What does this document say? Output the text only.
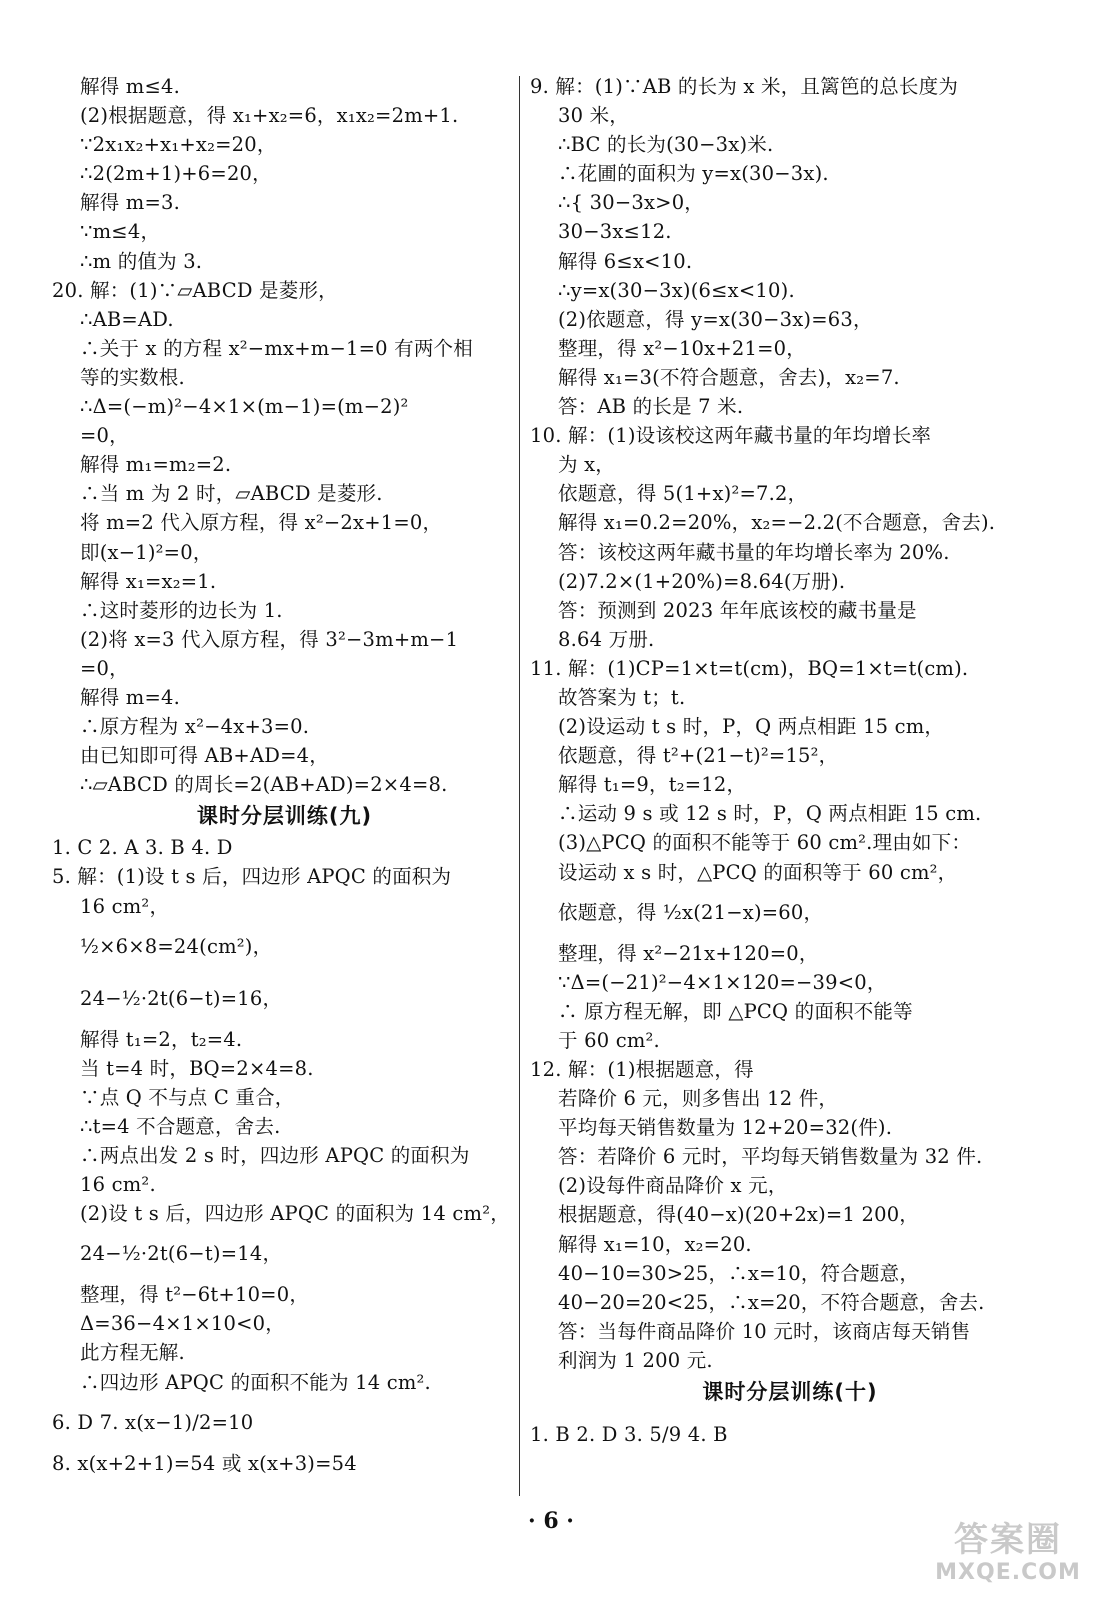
解得 m≤4.
(2)根据题意，得 x₁+x₂=6，x₁x₂=2m+1.
∵2x₁x₂+x₁+x₂=20，
∴2(2m+1)+6=20，
解得 m=3.
∵m≤4，
∴m 的值为 3.
20. 解：(1)∵▱ABCD 是菱形，
∴AB=AD.
∴关于 x 的方程 x²−mx+m−1=0 有两个相
等的实数根.
∴Δ=(−m)²−4×1×(m−1)=(m−2)²
=0，
解得 m₁=m₂=2.
∴当 m 为 2 时，▱ABCD 是菱形.
将 m=2 代入原方程，得 x²−2x+1=0，
即(x−1)²=0，
解得 x₁=x₂=1.
∴这时菱形的边长为 1.
(2)将 x=3 代入原方程，得 3²−3m+m−1
=0，
解得 m=4.
∴原方程为 x²−4x+3=0.
由已知即可得 AB+AD=4，
∴▱ABCD 的周长=2(AB+AD)=2×4=8.
课时分层训练(九)
1. C 2. A 3. B 4. D
5. 解：(1)设 t s 后，四边形 APQC 的面积为
16 cm²，
½×6×8=24(cm²)，
24−½·2t(6−t)=16，
解得 t₁=2，t₂=4.
当 t=4 时，BQ=2×4=8.
∵点 Q 不与点 C 重合，
∴t=4 不合题意，舍去.
∴两点出发 2 s 时，四边形 APQC 的面积为
16 cm².
(2)设 t s 后，四边形 APQC 的面积为 14 cm²，
24−½·2t(6−t)=14，
整理，得 t²−6t+10=0，
Δ=36−4×1×10<0，
此方程无解.
∴四边形 APQC 的面积不能为 14 cm².
6. D 7. x(x−1)/2=10
8. x(x+2+1)=54 或 x(x+3)=54
9. 解：(1)∵AB 的长为 x 米，且篱笆的总长度为
30 米，
∴BC 的长为(30−3x)米.
∴花圃的面积为 y=x(30−3x).
∴{ 30−3x>0，
30−3x≤12.
解得 6≤x<10.
∴y=x(30−3x)(6≤x<10).
(2)依题意，得 y=x(30−3x)=63，
整理，得 x²−10x+21=0，
解得 x₁=3(不符合题意，舍去)，x₂=7.
答：AB 的长是 7 米.
10. 解：(1)设该校这两年藏书量的年均增长率
为 x，
依题意，得 5(1+x)²=7.2，
解得 x₁=0.2=20%，x₂=−2.2(不合题意，舍去).
答：该校这两年藏书量的年均增长率为 20%.
(2)7.2×(1+20%)=8.64(万册).
答：预测到 2023 年年底该校的藏书量是
8.64 万册.
11. 解：(1)CP=1×t=t(cm)，BQ=1×t=t(cm).
故答案为 t；t.
(2)设运动 t s 时，P，Q 两点相距 15 cm，
依题意，得 t²+(21−t)²=15²，
解得 t₁=9，t₂=12，
∴运动 9 s 或 12 s 时，P，Q 两点相距 15 cm.
(3)△PCQ 的面积不能等于 60 cm².理由如下：
设运动 x s 时，△PCQ 的面积等于 60 cm²，
依题意，得 ½x(21−x)=60，
整理，得 x²−21x+120=0，
∵Δ=(−21)²−4×1×120=−39<0，
∴ 原方程无解，即 △PCQ 的面积不能等
于 60 cm².
12. 解：(1)根据题意，得
若降价 6 元，则多售出 12 件，
平均每天销售数量为 12+20=32(件).
答：若降价 6 元时，平均每天销售数量为 32 件.
(2)设每件商品降价 x 元，
根据题意，得(40−x)(20+2x)=1 200，
解得 x₁=10，x₂=20.
40−10=30>25，∴x=10，符合题意，
40−20=20<25，∴x=20，不符合题意，舍去.
答：当每件商品降价 10 元时，该商店每天销售
利润为 1 200 元.
课时分层训练(十)
1. B 2. D 3. 5/9 4. B
· 6 ·	答案圈
MXQE.COM
